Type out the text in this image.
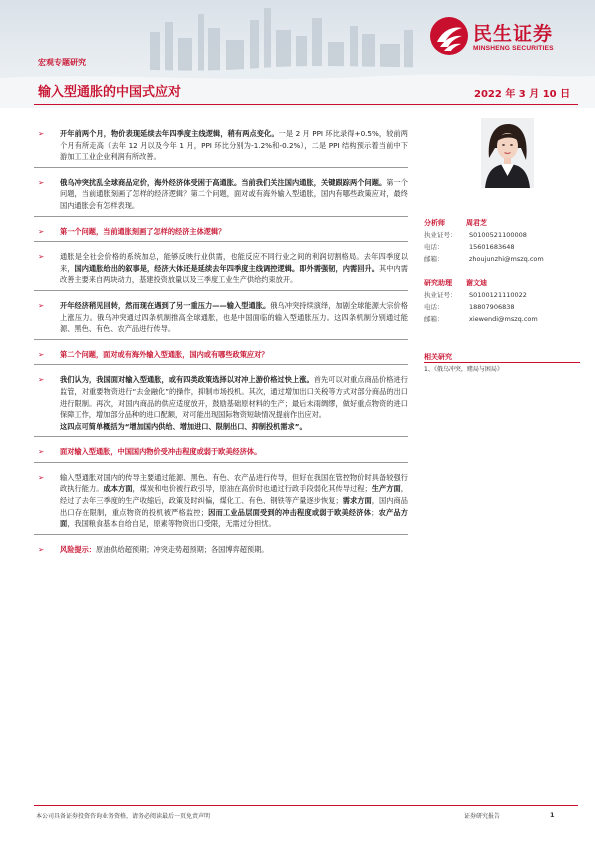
民生证券
MINSHENG SECURITIES
宏观专题研究
输入型通胀的中国式应对	2022 年 3 月 10 日
➢ 开年前两个月，物价表现延续去年四季度主线逻辑，稍有两点变化。一是 2 月 PPI 环比录得+0.5%，较前两个月有所走高（去年 12 月以及今年 1 月，PPI 环比分别为-1.2%和-0.2%），二是 PPI 结构预示着当前中下游加工工业企业利润有所改善。

➢ 俄乌冲突扰乱全球商品定价，海外经济体受困于高通胀。当前我们关注国内通胀，关键跟踪两个问题。第一个问题，当前通胀刻画了怎样的经济逻辑？第二个问题，面对或有海外输入型通胀，国内有哪些政策应对，最终国内通胀会有怎样表现。

➢ 第一个问题，当前通胀刻画了怎样的经济主体逻辑？

➢ 通胀是全社会价格的系统加总，能够反映行业供需，也能反应不同行业之间的利润切割格局。去年四季度以来，国内通胀给出的叙事是，经济大体还是延续去年四季度主线调控逻辑。即外需强韧，内需回升。其中内需改善主要来自两块动力，基建投资放量以及三季度工业生产供给约束放开。

➢ 开年经济稍见回转，然而现在遇到了另一重压力——输入型通胀。俄乌冲突持续演绎，加剧全球能源大宗价格上涨压力。俄乌冲突通过四条机制推高全球通胀，也是中国面临的输入型通胀压力。这四条机制分别通过能源、黑色、有色、农产品进行传导。

➢ 第二个问题，面对或有海外输入型通胀，国内或有哪些政策应对？

➢ 我们认为，我国面对输入型通胀，或有四类政策选择以对冲上游价格过快上涨。首先可以对重点商品价格进行监管，对重要物资进行“去金融化”的操作，抑制市场投机。其次，通过增加出口关税等方式对部分商品的出口进行限制。再次，对国内商品的供应适度放开，鼓励基础原材料的生产；最后未雨绸缪，做好重点物资的进口保障工作，增加部分品种的进口配额，对可能出现国际物资短缺情况提前作出应对。

这四点可简单概括为“增加国内供给、增加进口、限制出口、抑制投机需求”。

➢ 面对输入型通胀，中国国内物价受冲击程度或弱于欧美经济体。

➢ 输入型通胀对国内的传导主要通过能源、黑色、有色、农产品进行传导，但好在我国在管控物价时具备较强行政执行能力。成本方面，煤炭和电价被行政引导，原油在高价时也通过行政手段弱化其传导过程；生产方面，经过了去年三季度的生产收缩后，政策及时纠偏，煤化工、有色、钢铁等产量逐步恢复；需求方面，国内商品出口存在限制，重点物资的投机被严格监控；因而工业品层面受到的冲击程度或弱于欧美经济体；农产品方面，我国粮食基本自给自足，原素等物资出口受限，无需过分担忧。

➢ 风险提示：原油供给超预期；冲突走势超预期；各国博弈超预期。

分析师	周君芝
执业证号： S0100521100008
电话：	15601683648
邮箱：	zhoujunzhi@mszq.com
研究助理 谢文迪
执业证号： S0100121110022
电话：	18807906838
邮箱：	xiewendi@mszq.com
相关研究
1、《俄乌冲突，赌局与困局》
本公司具备证券投资咨询业务资格，请务必阅读最后一页免责声明	证券研究报告	1
